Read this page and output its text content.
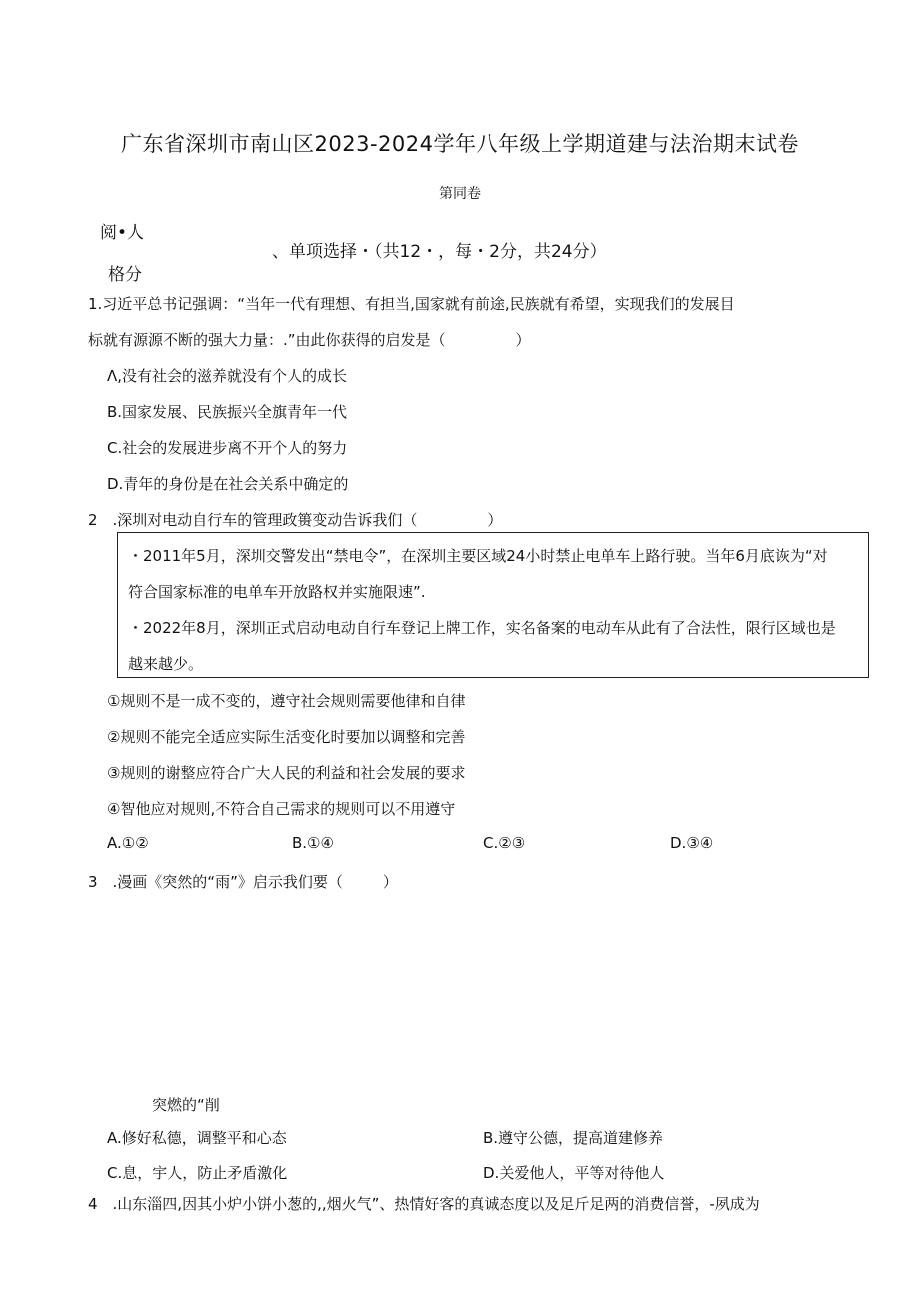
广东省深圳市南山区2023-2024学年八年级上学期道建与法治期末试卷
第同卷
阅•人
格分
、单项选择・（共12・，每・2分，共24分）
1.习近平总书记强调：“当年一代有理想、有担当,国家就有前途,民族就有希望，实现我们的发展目
标就有源源不断的强大力量：.”由此你获得的启发是（	）
Λ,没有社会的滋养就没有个人的成长
B.国家发展、民族振兴全旗青年一代
C.社会的发展进步离不开个人的努力
D.青年的身份是在社会关系中确定的
2　.深圳对电动自行车的管理政篑变动告诉我们（	）
・2011年5月，深圳交警发出“禁电令”，在深圳主要区域24小时禁止电单车上路行驶。当年6月底诙为“对
符合国家标准的电单车开放路权并实施限速”.
・2022年8月，深圳正式启动电动自行车登记上牌工作，实名备案的电动车从此有了合法性，限行区域也是
越来越少。
①规则不是一成不变的，遵守社会规则需要他律和自律
②规则不能完全适应实际生活变化时要加以调整和完善
③规则的谢整应符合广大人民的利益和社会发展的要求
④智他应对规则,不符合自己需求的规则可以不用遵守
A.①②	B.①④	C.②③	D.③④
3　.漫画《突然的“雨”》启示我们要（	）
突燃的“削
A.修好私德，调整平和心态	B.遵守公德，提高道建修养
C.息，宇人，防止矛盾激化	D.关爱他人，平等对待他人
4　.山东淄四,因其小炉小饼小葱的,,烟火气”、热情好客的真诚态度以及足斤足两的消费信誉，-夙成为
